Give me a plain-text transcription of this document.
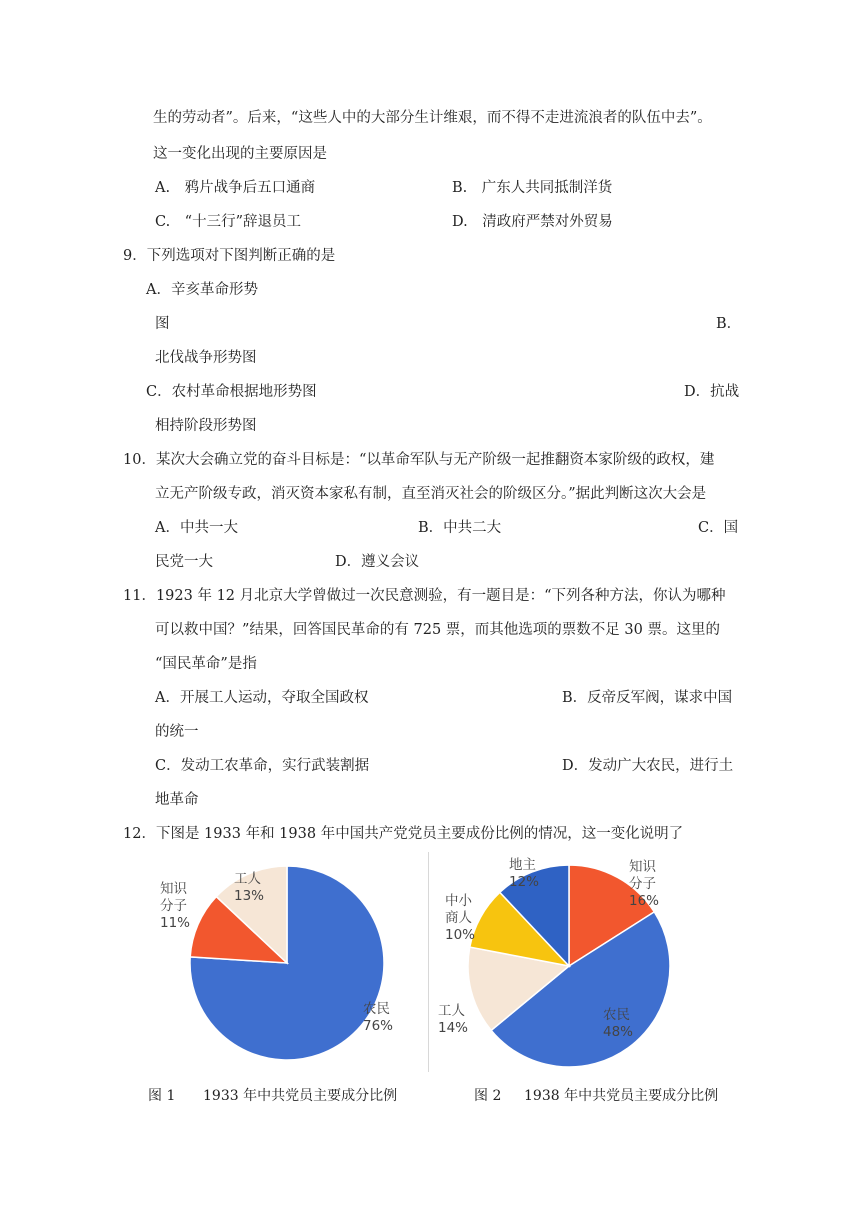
生的劳动者”。后来，“这些人中的大部分生计维艰，而不得不走进流浪者的队伍中去”。
这一变化出现的主要原因是
A.　鸦片战争后五口通商	B.　广东人共同抵制洋货
C.　“十三行”辞退员工	D.　清政府严禁对外贸易
9．下列选项对下图判断正确的是
A．辛亥革命形势
图	B．
北伐战争形势图
C．农村革命根据地形势图	D．抗战
相持阶段形势图
10．某次大会确立党的奋斗目标是：“以革命军队与无产阶级一起推翻资本家阶级的政权，建
立无产阶级专政，消灭资本家私有制，直至消灭社会的阶级区分。”据此判断这次大会是
A．中共一大	B．中共二大	C．国
民党一大	D．遵义会议
11．1923 年 12 月北京大学曾做过一次民意测验，有一题目是：“下列各种方法，你认为哪种
可以救中国？”结果，回答国民革命的有 725 票，而其他选项的票数不足 30 票。这里的
“国民革命”是指
A．开展工人运动，夺取全国政权	B．反帝反军阀，谋求中国
的统一
C．发动工农革命，实行武装割据	D．发动广大农民，进行土
地革命
12．下图是 1933 年和 1938 年中国共产党党员主要成份比例的情况，这一变化说明了
农民
76%
知识
分子
11%
工人
13%
知识
分子
16%
农民
48%
工人
14%
中小
商人
10%
地主
12%
图 1 1933 年中共党员主要成分比例	图 2 1938 年中共党员主要成分比例
